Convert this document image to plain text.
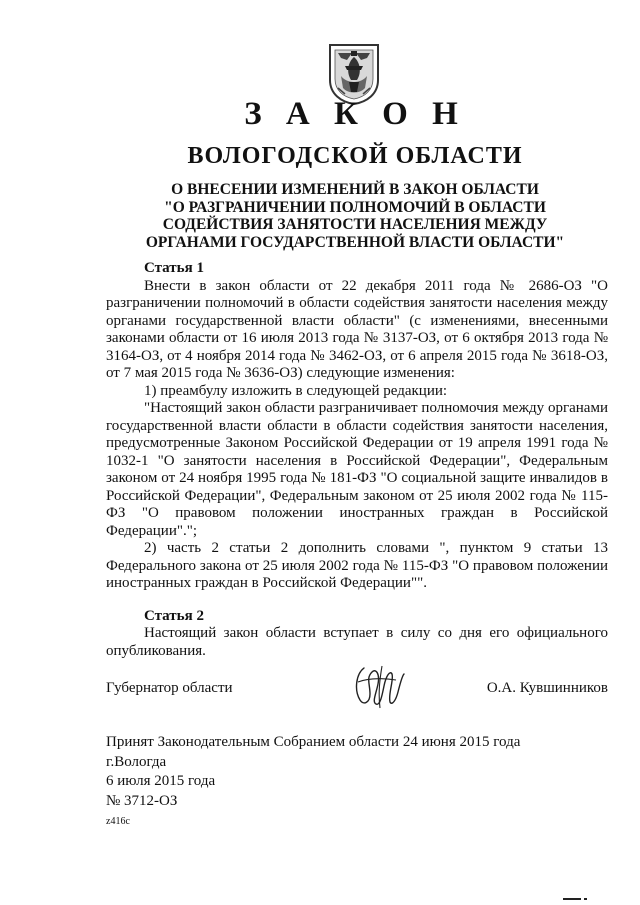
З А К О Н
ВОЛОГОДСКОЙ ОБЛАСТИ
О ВНЕСЕНИИ ИЗМЕНЕНИЙ В ЗАКОН ОБЛАСТИ
"О РАЗГРАНИЧЕНИИ ПОЛНОМОЧИЙ В ОБЛАСТИ
СОДЕЙСТВИЯ ЗАНЯТОСТИ НАСЕЛЕНИЯ МЕЖДУ
ОРГАНАМИ ГОСУДАРСТВЕННОЙ ВЛАСТИ ОБЛАСТИ"

Статья 1

Внести в закон области от 22 декабря 2011 года № 2686-ОЗ "О разграничении полномочий в области содействия занятости населения между органами государственной власти области" (с изменениями, внесенными законами области от 16 июля 2013 года № 3137-ОЗ, от 6 октября 2013 года № 3164-ОЗ, от 4 ноября 2014 года № 3462-ОЗ, от 6 апреля 2015 года № 3618-ОЗ, от 7 мая 2015 года № 3636-ОЗ) следующие изменения:

1) преамбулу изложить в следующей редакции:

"Настоящий закон области разграничивает полномочия между органами государственной власти области в области содействия занятости населения, предусмотренные Законом Российской Федерации от 19 апреля 1991 года № 1032-1 "О занятости населения в Российской Федерации", Федеральным законом от 24 ноября 1995 года № 181-ФЗ "О социальной защите инвалидов в Российской Федерации", Федеральным законом от 25 июля 2002 года № 115-ФЗ "О правовом положении иностранных граждан в Российской Федерации".";

2) часть 2 статьи 2 дополнить словами ", пунктом 9 статьи 13 Федерального закона от 25 июля 2002 года № 115-ФЗ "О правовом положении иностранных граждан в Российской Федерации"".

Статья 2

Настоящий закон области вступает в силу со дня его официального опубликования.

Губернатор области	О.А. Кувшинников
Принят Законодательным Собранием области 24 июня 2015 года
г.Вологда
6 июля 2015 года
№ 3712-ОЗ
z416c
